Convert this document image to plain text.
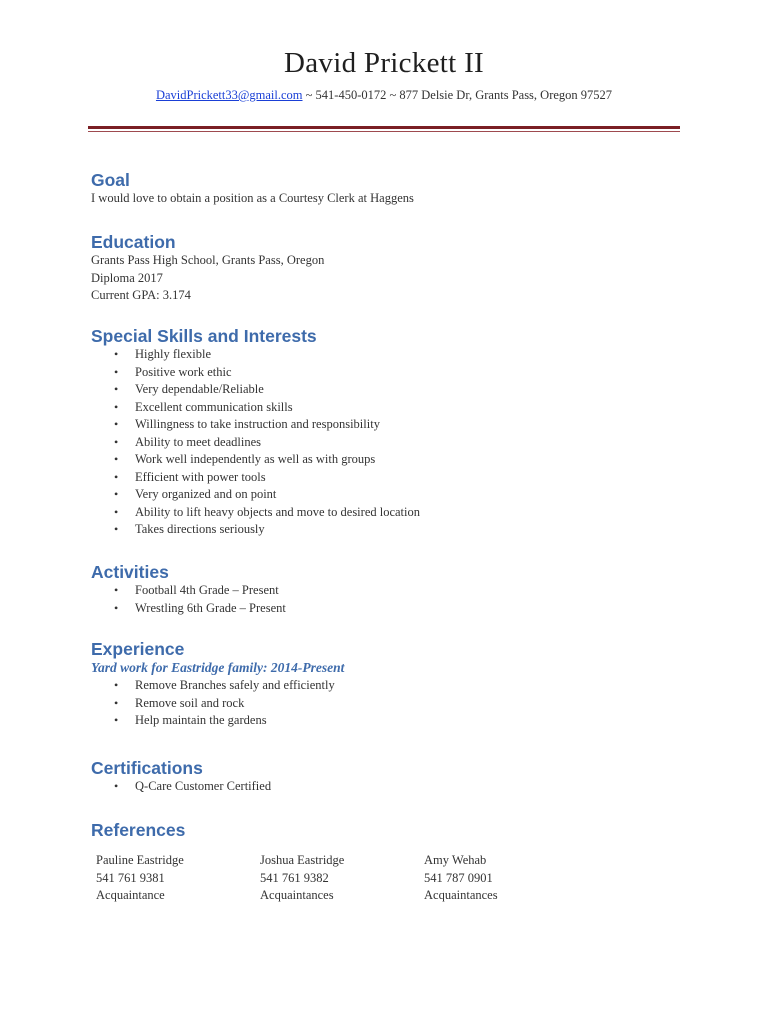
David Prickett II
DavidPrickett33@gmail.com ~ 541-450-0172 ~ 877 Delsie Dr, Grants Pass, Oregon 97527
Goal

I would love to obtain a position as a Courtesy Clerk at Haggens

Education

Grants Pass High School, Grants Pass, Oregon

Diploma 2017

Current GPA: 3.174

Special Skills and Interests
• Highly flexible
• Positive work ethic
• Very dependable/Reliable
• Excellent communication skills
• Willingness to take instruction and responsibility
• Ability to meet deadlines
• Work well independently as well as with groups
• Efficient with power tools
• Very organized and on point
• Ability to lift heavy objects and move to desired location
• Takes directions seriously
Activities
• Football 4th Grade – Present
• Wrestling 6th Grade – Present
Experience

Yard work for Eastridge family: 2014-Present

• Remove Branches safely and efficiently
• Remove soil and rock
• Help maintain the gardens
Certifications
• Q-Care Customer Certified
References

Pauline Eastridge

541 761 9381

Acquaintance

Joshua Eastridge

541 761 9382

Acquaintances

Amy Wehab

541 787 0901

Acquaintances
